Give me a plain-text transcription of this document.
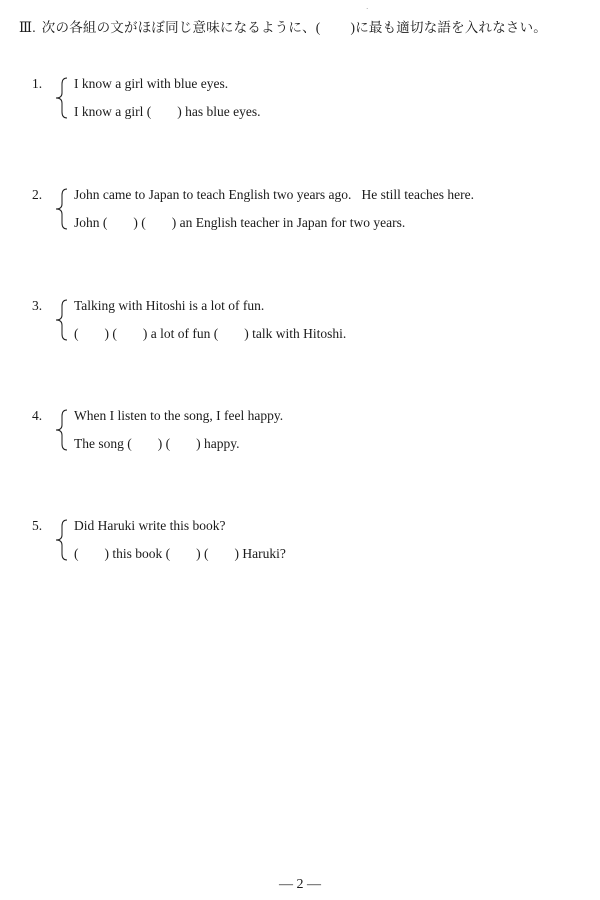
·
Ⅲ. 次の各組の文がほぼ同じ意味になるように、( )に最も適切な語を入れなさい。
1. I know a girl with blue eyes.
I know a girl ( ) has blue eyes.
2. John came to Japan to teach English two years ago.   He still teaches here.
John ( ) ( ) an English teacher in Japan for two years.
3. Talking with Hitoshi is a lot of fun.
( ) ( ) a lot of fun ( ) talk with Hitoshi.
4. When I listen to the song, I feel happy.
The song ( ) ( ) happy.
5. Did Haruki write this book?
( ) this book ( ) ( ) Haruki?
— 2 —
